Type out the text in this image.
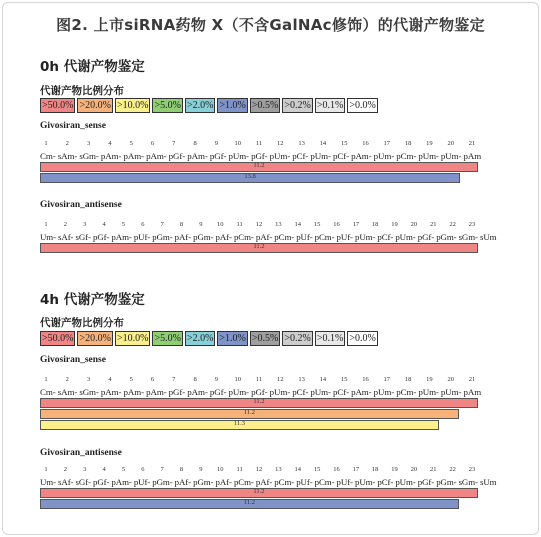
图2. 上市siRNA药物 X（不含GalNAc修饰）的代谢产物鉴定
0h 代谢产物鉴定
代谢产物比例分布
>50.0% >20.0% >10.0% >5.0% >2.0% >1.0% >0.5% >0.2% >0.1% >0.0%
Givosiran_sense
1	2	3	4	5	6	7	8	9	10 11 12 13 14 15 16 17 18 19 20 21
Cm- sAm- sGm- pAm- pAm- pAm- pGf- pAm- pGf- pUm- pGf- pUm- pCf- pUm- pCf- pAm- pUm- pCm- pUm- pUm- pAm
11.2
13.8
Givosiran_antisense
1 2 3 4 5 6 7 8 9 10 11 12 13 14 15 16 17 18 19 20 21 22 23
Um- sAf- sGf- pGf- pAm- pUf- pGm- pAf- pGm- pAf- pCm- pAf- pCm- pUf- pCm- pUf- pUm- pCf- pUm- pGf- pGm- sGm- sUm
11.2
4h 代谢产物鉴定
代谢产物比例分布
>50.0% >20.0% >10.0% >5.0% >2.0% >1.0% >0.5% >0.2% >0.1% >0.0%
Givosiran_sense
1	2	3	4	5	6	7	8	9	10 11 12 13 14 15 16 17 18 19 20 21
Cm- sAm- sGm- pAm- pAm- pAm- pGf- pAm- pGf- pUm- pGf- pUm- pCf- pUm- pCf- pAm- pUm- pCm- pUm- pUm- pAm
11.2
11.2
11.3
Givosiran_antisense
1 2 3 4 5 6 7 8 9 10 11 12 13 14 15 16 17 18 19 20 21 22 23
Um- sAf- sGf- pGf- pAm- pUf- pGm- pAf- pGm- pAf- pCm- pAf- pCm- pUf- pCm- pUf- pUm- pCf- pUm- pGf- pGm- sGm- sUm
11.2
11.2
